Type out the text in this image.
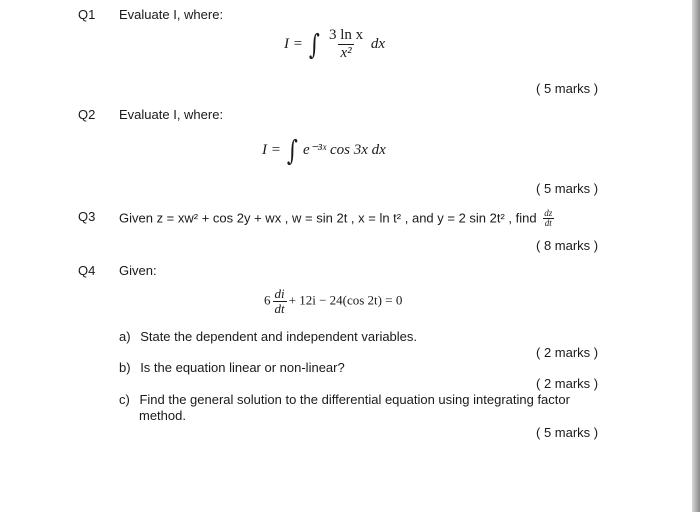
Q1 Evaluate I, where:
I = ∫ $\frac{\text{3 ln x}}{\text{x²}}$ dx
( 5 marks )
Q2 Evaluate I, where:
I = ∫ e⁻³ˣ cos 3x dx
( 5 marks )
Q3 Given z = xw² + cos 2y + wx , w = sin 2t , x = ln t² , and y = 2 sin 2t² , find $\frac{dz}{dt}$
( 8 marks )
Q4 Given:
$6 \frac{di}{dt} + 12i - 24(\cos$ 2t) = 0
a) State the dependent and independent variables.
( 2 marks )
b) Is the equation linear or non-linear?
( 2 marks )
c) Find the general solution to the differential equation using integrating factor
method.
( 5 marks )
